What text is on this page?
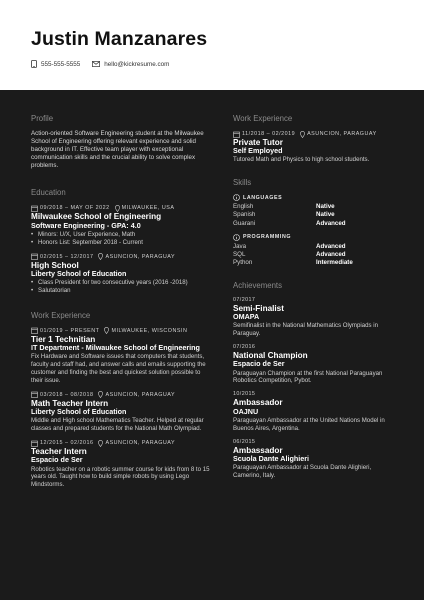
Justin Manzanares
555-555-5555	hello@kickresume.com
Profile
Action-oriented Software Engineering student at the Milwaukee School of Engineering offering relevant experience and solid background in IT. Effective team player with exceptional communication skills and the crucial ability to solve complex problems.
Education
09/2018 – MAY OF 2022 MILWAUKEE, USA
Milwaukee School of Engineering
Software Engineering - GPA: 4.0
• Minors: U/X, User Experience, Math
• Honors List: September 2018 - Current
02/2015 – 12/2017 ASUNCION, PARAGUAY
High School
Liberty School of Education
• Class President for two consecutive years (2016 -2018)
• Salutatorian
Work Experience
01/2019 – PRESENT MILWAUKEE, WISCONSIN
Tier 1 Technitian
IT Department - Milwaukee School of Engineering
Fix Hardware and Software issues that computers that students, faculty and staff had, and answer calls and emails supporting the customer and finding the best and quickest solution possible to their issue.
03/2018 – 08/2018 ASUNCION, PARAGUAY
Math Teacher Intern
Liberty School of Education
Middle and High school Mathematics Teacher. Helped at regular classes and prepared students for the National Math Olympiad.
12/2015 – 02/2016 ASUNCION, PARAGUAY
Teacher Intern
Espacio de Ser
Robotics teacher on a robotic summer course for kids from 8 to 15 years old. Taught how to build simple robots by using Lego Mindstorms.
Work Experience
11/2018 – 02/2019 ASUNCION, PARAGUAY
Private Tutor
Self Employed
Tutored Math and Physics to high school students.
Skills
LANGUAGES
English	Native
Spanish	Native
Guarani	Advanced
PROGRAMMING
Java	Advanced
SQL	Advanced
Python	Intermediate
Achievements
07/2017
Semi-Finalist
OMAPA
Semifinalist in the National Mathematics Olympiads in Paraguay.
07/2016
National Champion
Espacio de Ser
Paraguayan Champion at the first National Paraguayan Robotics Competition, Pybot.
10/2015
Ambassador
OAJNU
Paraguayan Ambassador at the United Nations Model in Buenos Aires, Argentina.
06/2015
Ambassador
Scuola Dante Alighieri
Paraguayan Ambassador at Scuola Dante Alighieri, Camerino, Italy.
